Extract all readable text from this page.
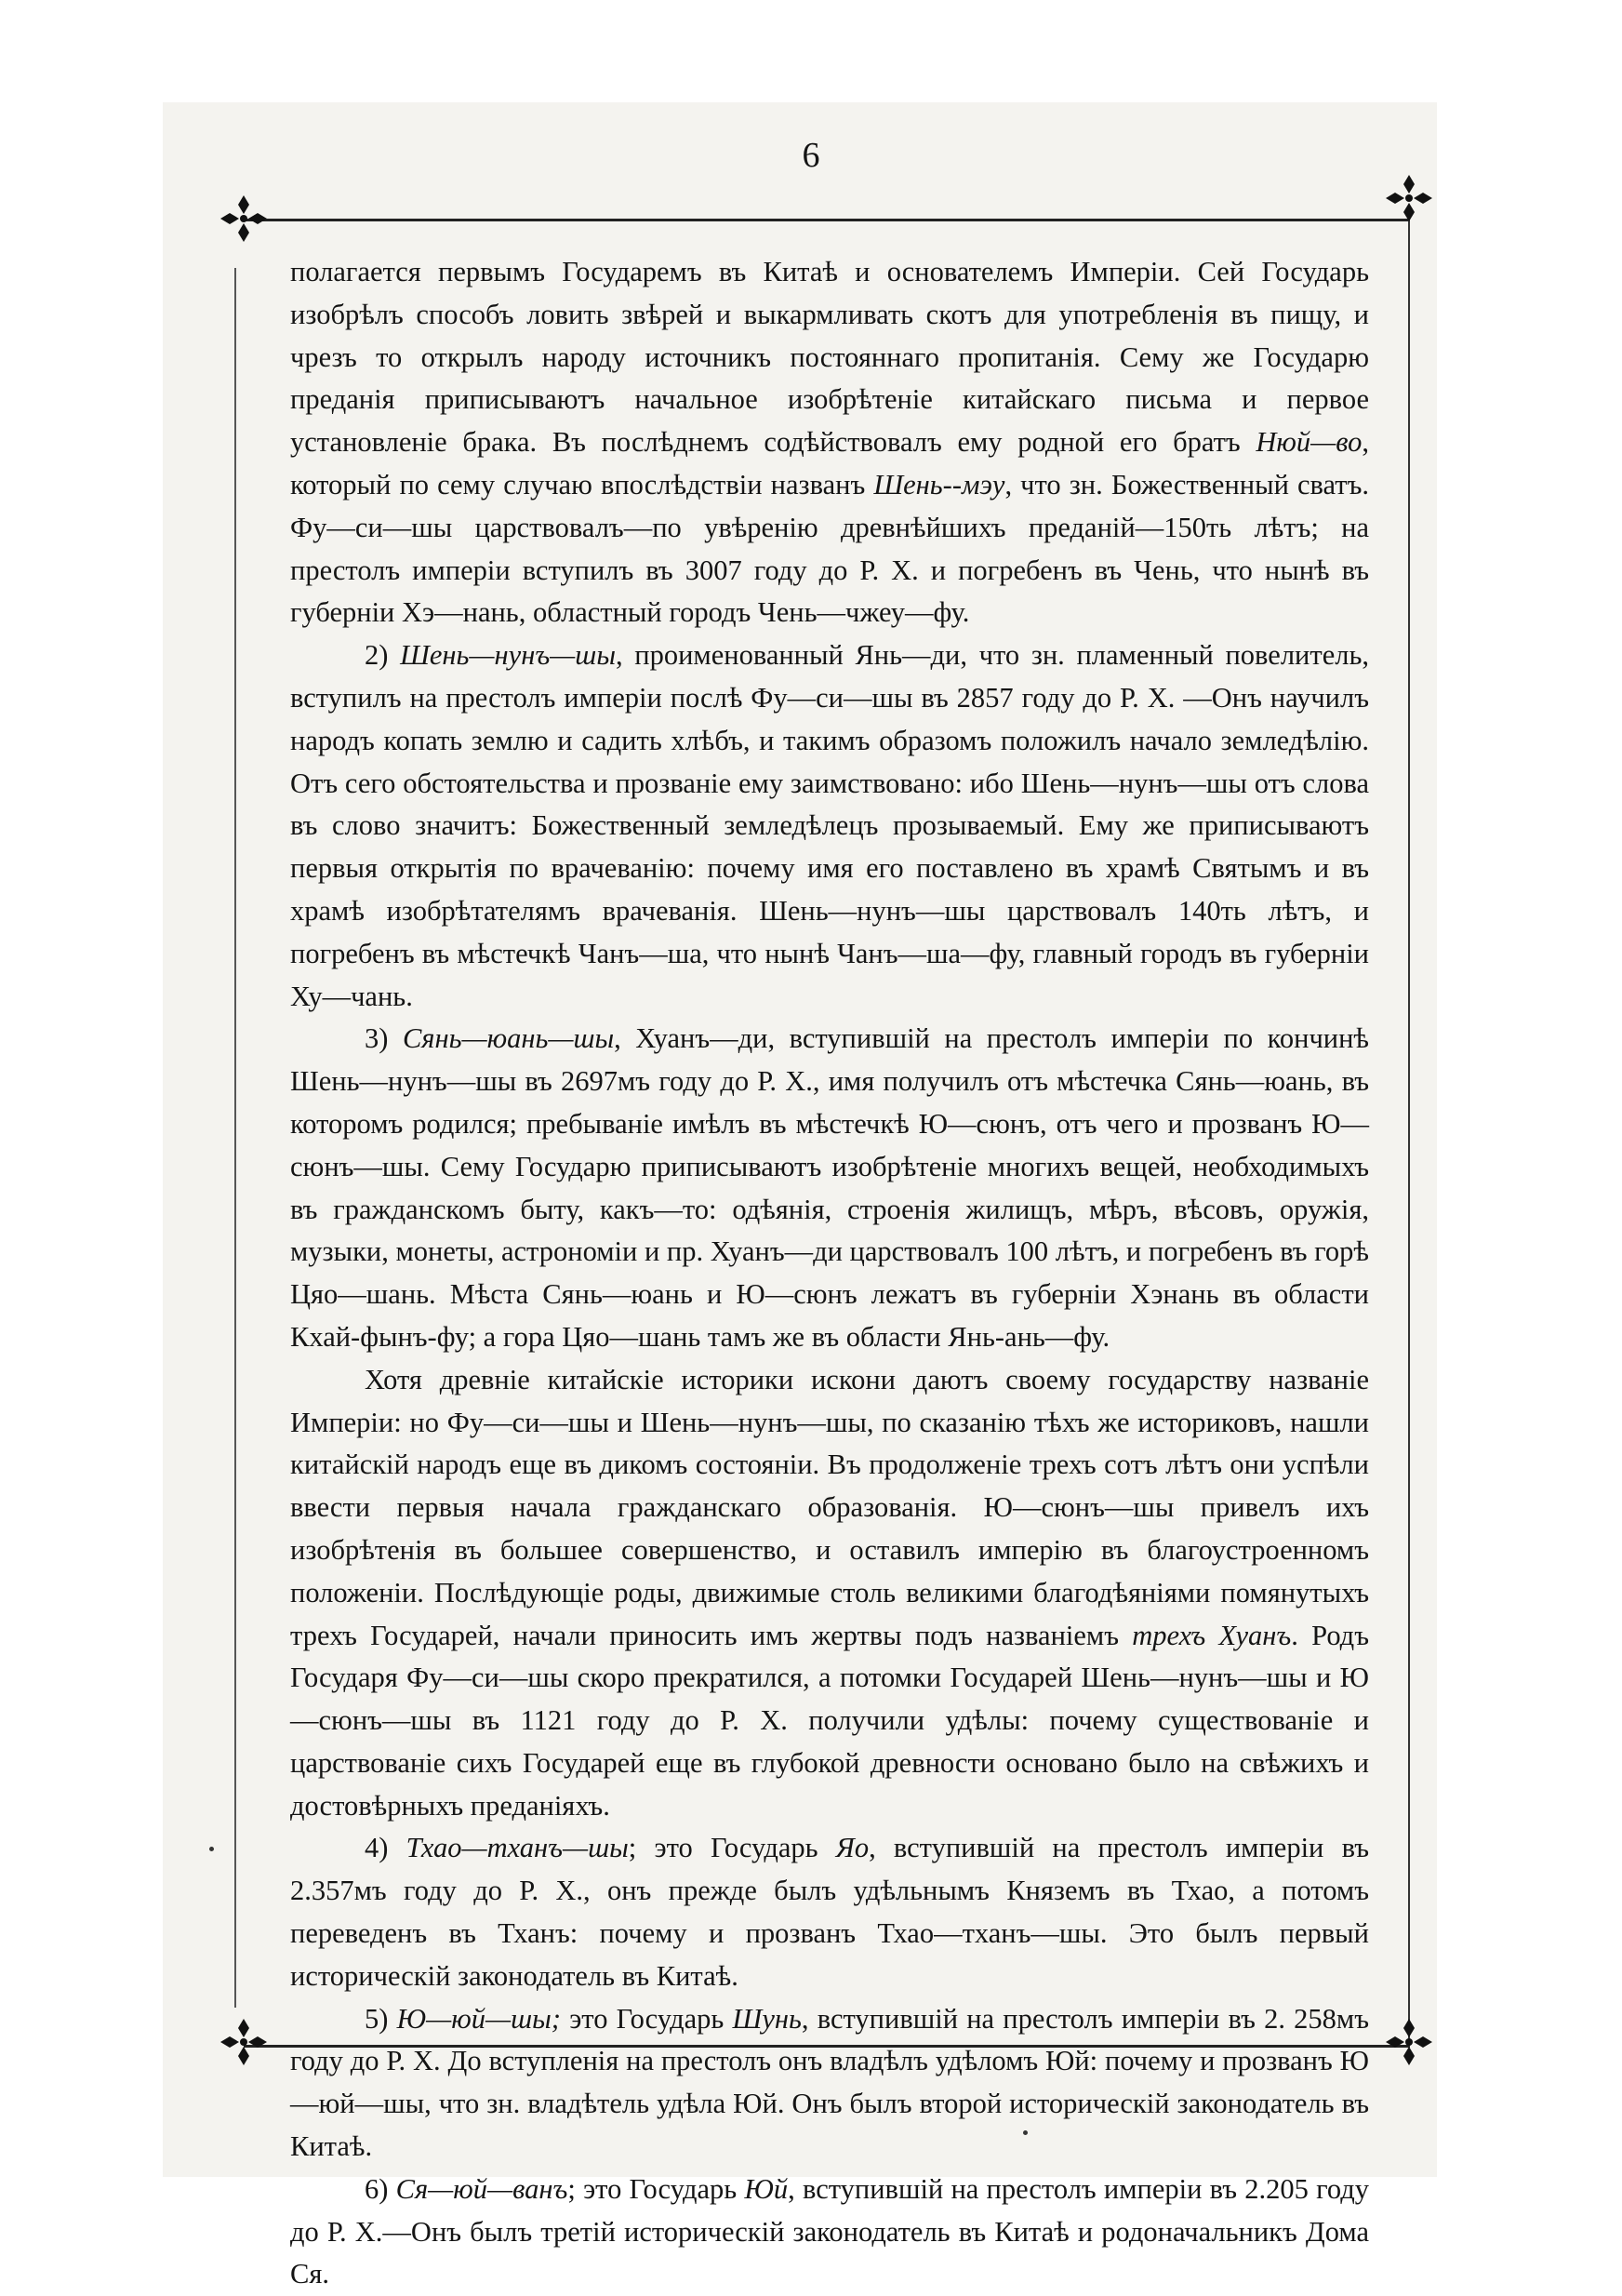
6

полагается первымъ Государемъ въ Китаѣ и основателемъ Имперіи. Сей Государь изобрѣлъ способъ ловить звѣрей и выкармливать скотъ для употребленія въ пищу, и чрезъ то открылъ народу источникъ постояннаго пропитанія. Сему же Государю преданія приписываютъ начальное изобрѣтеніе китайскаго письма и первое установленіе брака. Въ послѣднемъ содѣйствовалъ ему родной его братъ Нюй—во, который по сему случаю впослѣдствіи названъ Шень--мэу, что зн. Божественный сватъ. Фу—си—шы царствовалъ—по увѣренію древнѣйшихъ преданій—150ть лѣтъ; на престолъ имперіи вступилъ въ 3007 году до Р. Х. и погребенъ въ Чень, что нынѣ въ губерніи Хэ—нань, областный городъ Чень—чжеу—фу.

2) Шень—нунъ—шы, проименованный Янь—ди, что зн. пламенный повелитель, вступилъ на престолъ имперіи послѣ Фу—си—шы въ 2857 году до Р. Х. —Онъ научилъ народъ копать землю и садить хлѣбъ, и такимъ образомъ положилъ начало земледѣлію. Отъ сего обстоятельства и прозваніе ему заимствовано: ибо Шень—нунъ—шы отъ слова въ слово значитъ: Божественный земледѣлецъ прозываемый. Ему же приписываютъ первыя открытія по врачеванію: почему имя его поставлено въ храмѣ Святымъ и въ храмѣ изобрѣтателямъ врачеванія. Шень—нунъ—шы царствовалъ 140ть лѣтъ, и погребенъ въ мѣстечкѣ Чанъ—ша, что нынѣ Чанъ—ша—фу, главный городъ въ губерніи Ху—чань.

3) Сянь—юань—шы, Хуанъ—ди, вступившій на престолъ имперіи по кончинѣ Шень—нунъ—шы въ 2697мъ году до Р. Х., имя получилъ отъ мѣстечка Сянь—юань, въ которомъ родился; пребываніе имѣлъ въ мѣстечкѣ Ю—сюнъ, отъ чего и прозванъ Ю—сюнъ—шы. Сему Государю приписываютъ изобрѣтеніе многихъ вещей, необходимыхъ въ гражданскомъ быту, какъ—то: одѣянія, строенія жилищъ, мѣръ, вѣсовъ, оружія, музыки, монеты, астрономіи и пр. Хуанъ—ди царствовалъ 100 лѣтъ, и погребенъ въ горѣ Цяо—шань. Мѣста Сянь—юань и Ю—сюнъ лежатъ въ губерніи Хэнань въ области Кхай-фынъ-фу; а гора Цяо—шань тамъ же въ области Янь-ань—фу.

Хотя древніе китайскіе историки искони даютъ своему государству названіе Имперіи: но Фу—си—шы и Шень—нунъ—шы, по сказанію тѣхъ же историковъ, нашли китайскій народъ еще въ дикомъ состояніи. Въ продолженіе трехъ сотъ лѣтъ они успѣли ввести первыя начала гражданскаго образованія. Ю—сюнъ—шы привелъ ихъ изобрѣтенія въ большее совершенство, и оставилъ имперію въ благоустроенномъ положеніи. Послѣдующіе роды, движимые столь великими благодѣяніями помянутыхъ трехъ Государей, начали приносить имъ жертвы подъ названіемъ трехъ Хуанъ. Родъ Государя Фу—си—шы скоро прекратился, а потомки Государей Шень—нунъ—шы и Ю—сюнъ—шы въ 1121 году до Р. Х. получили удѣлы: почему существованіе и царствованіе сихъ Государей еще въ глубокой древности основано было на свѣжихъ и достовѣрныхъ преданіяхъ.

4) Тхао—тханъ—шы; это Государь Яо, вступившій на престолъ имперіи въ 2.357мъ году до Р. Х., онъ прежде былъ удѣльнымъ Княземъ въ Тхао, а потомъ переведенъ въ Тханъ: почему и прозванъ Тхао—тханъ—шы. Это былъ первый историческій законодатель въ Китаѣ.

5) Ю—юй—шы; это Государь Шунь, вступившій на престолъ имперіи въ 2. 258мъ году до Р. Х. До вступленія на престолъ онъ владѣлъ удѣломъ Юй: почему и прозванъ Ю—юй—шы, что зн. владѣтель удѣла Юй. Онъ былъ второй историческій законодатель въ Китаѣ.

6) Ся—юй—ванъ; это Государь Юй, вступившій на престолъ имперіи въ 2.205 году до Р. Х.—Онъ былъ третій историческій законодатель въ Китаѣ и родоначальникъ Дома Ся.
